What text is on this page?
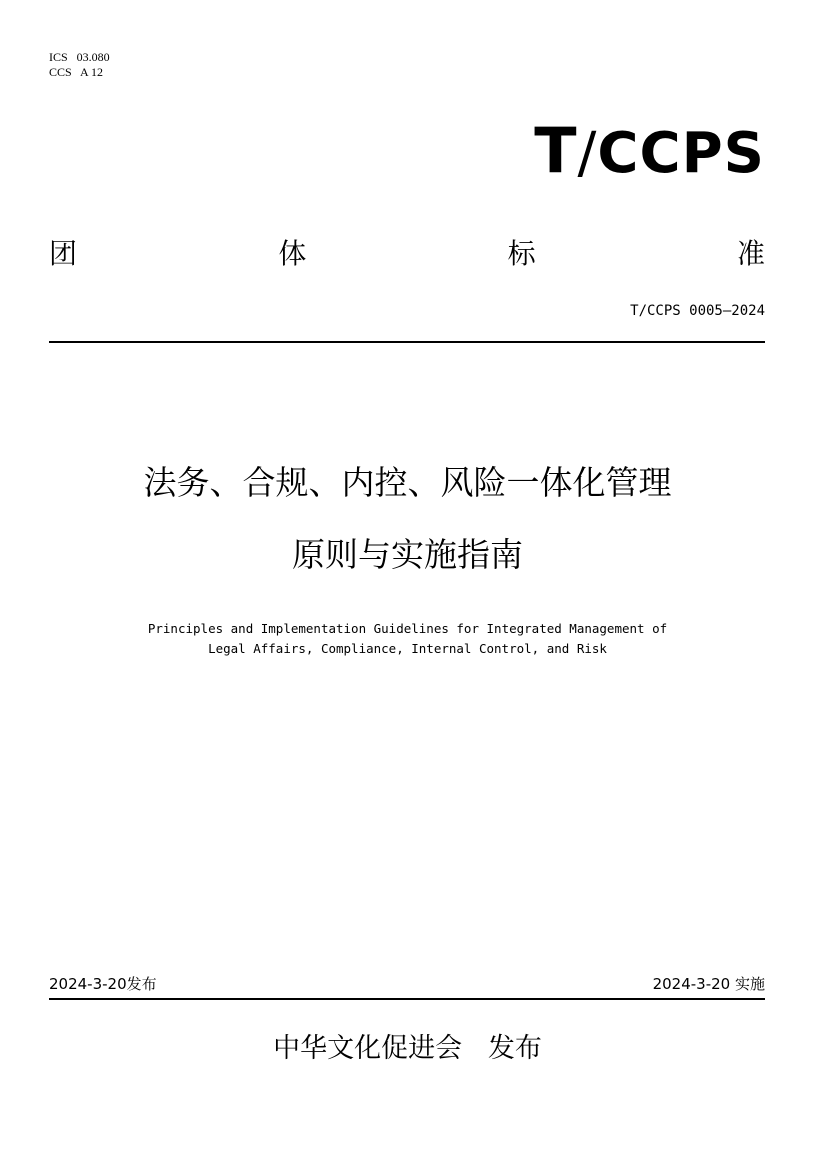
ICS   03.080
CCS   A 12
T/CCPS
团	体	标	准
T/CCPS 0005—2024
法务、合规、内控、风险一体化管理
原则与实施指南
Principles and Implementation Guidelines for Integrated Management of
Legal Affairs, Compliance, Internal Control, and Risk
2024-3-20发布	2024-3-20 实施
中华文化促进会   发布
